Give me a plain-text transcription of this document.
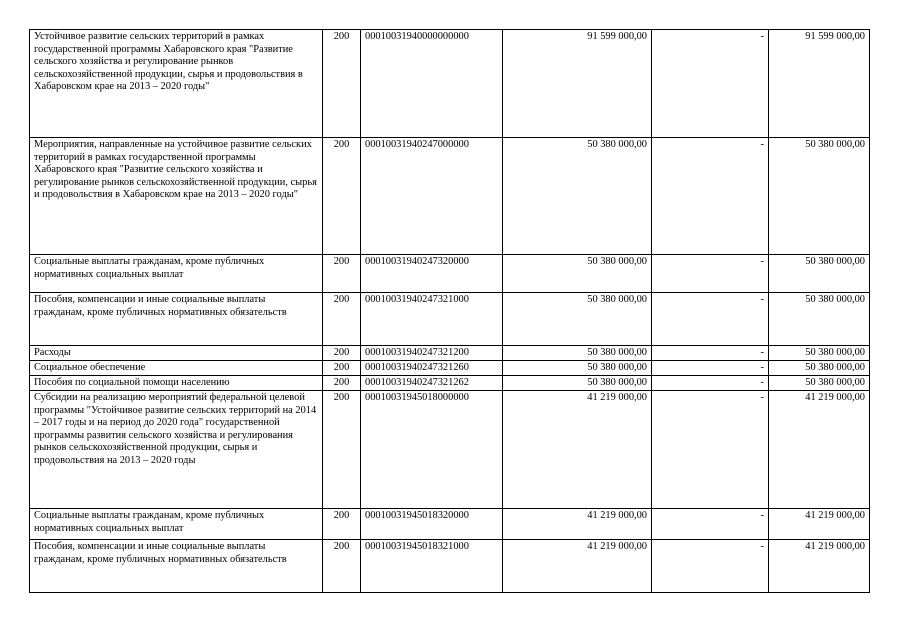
Устойчивое развитие сельских территорий в рамках государственной программы Хабаровского края "Развитие сельского хозяйства и регулирование рынков сельскохозяйственной продукции, сырья и продовольствия в Хабаровском крае на 2013 – 2020 годы"	200	00010031940000000000	91 599 000,00	-	91 599 000,00
Мероприятия, направленные на устойчивое развитие сельских территорий в рамках государственной программы Хабаровского края "Развитие сельского хозяйства и регулирование рынков сельскохозяйственной продукции, сырья и продовольствия в Хабаровском крае на 2013 – 2020 годы"	200	00010031940247000000	50 380 000,00	-	50 380 000,00
Социальные выплаты гражданам, кроме публичных нормативных социальных выплат	200	00010031940247320000	50 380 000,00	-	50 380 000,00
Пособия, компенсации и иные социальные выплаты гражданам, кроме публичных нормативных обязательств	200	00010031940247321000	50 380 000,00	-	50 380 000,00
Расходы	200	00010031940247321200	50 380 000,00	-	50 380 000,00
Социальное обеспечение	200	00010031940247321260	50 380 000,00	-	50 380 000,00
Пособия по социальной помощи населению	200	00010031940247321262	50 380 000,00	-	50 380 000,00
Субсидии на реализацию мероприятий федеральной целевой программы "Устойчивое развитие сельских территорий на 2014 – 2017 годы и на период до 2020 года" государственной программы развития сельского хозяйства и регулирования рынков сельскохозяйственной продукции, сырья и продовольствия на 2013 – 2020 годы	200	00010031945018000000	41 219 000,00	-	41 219 000,00
Социальные выплаты гражданам, кроме публичных нормативных социальных выплат	200	00010031945018320000	41 219 000,00	-	41 219 000,00
Пособия, компенсации и иные социальные выплаты гражданам, кроме публичных нормативных обязательств	200	00010031945018321000	41 219 000,00	-	41 219 000,00
